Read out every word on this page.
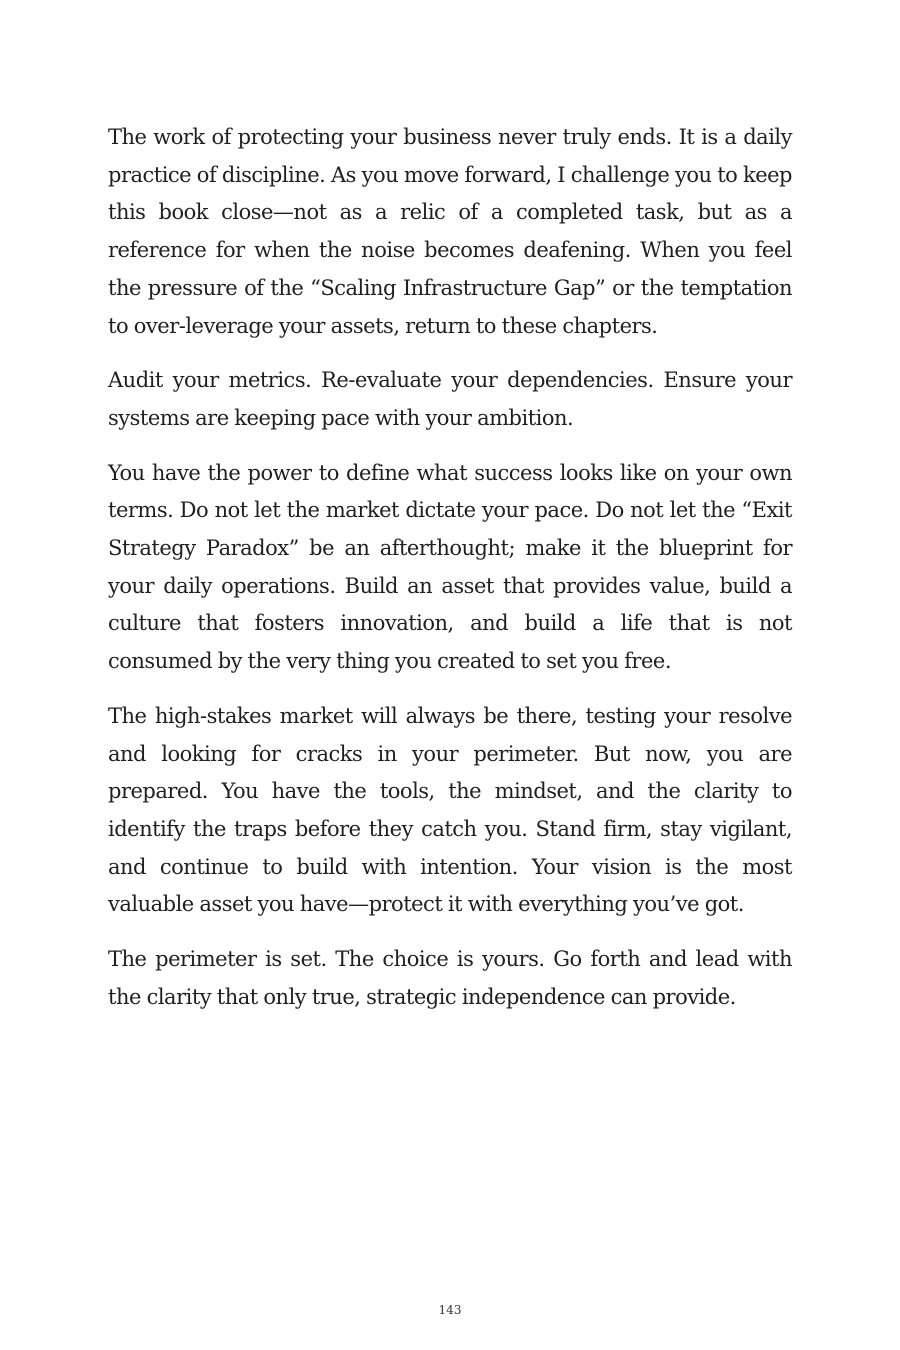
The work of protecting your business never truly ends. It is a daily practice of discipline. As you move forward, I challenge you to keep this book close—not as a relic of a completed task, but as a reference for when the noise becomes deafening. When you feel the pressure of the “Scaling Infrastructure Gap” or the temptation to over-leverage your assets, return to these chapters.

Audit your metrics. Re-evaluate your dependencies. Ensure your systems are keeping pace with your ambition.

You have the power to define what success looks like on your own terms. Do not let the market dictate your pace. Do not let the “Exit Strategy Paradox” be an afterthought; make it the blueprint for your daily operations. Build an asset that provides value, build a culture that fosters innovation, and build a life that is not consumed by the very thing you created to set you free.

The high-stakes market will always be there, testing your resolve and looking for cracks in your perimeter. But now, you are prepared. You have the tools, the mindset, and the clarity to identify the traps before they catch you. Stand firm, stay vigilant, and continue to build with intention. Your vision is the most valuable asset you have—protect it with everything you’ve got.

The perimeter is set. The choice is yours. Go forth and lead with the clarity that only true, strategic independence can provide.

143
